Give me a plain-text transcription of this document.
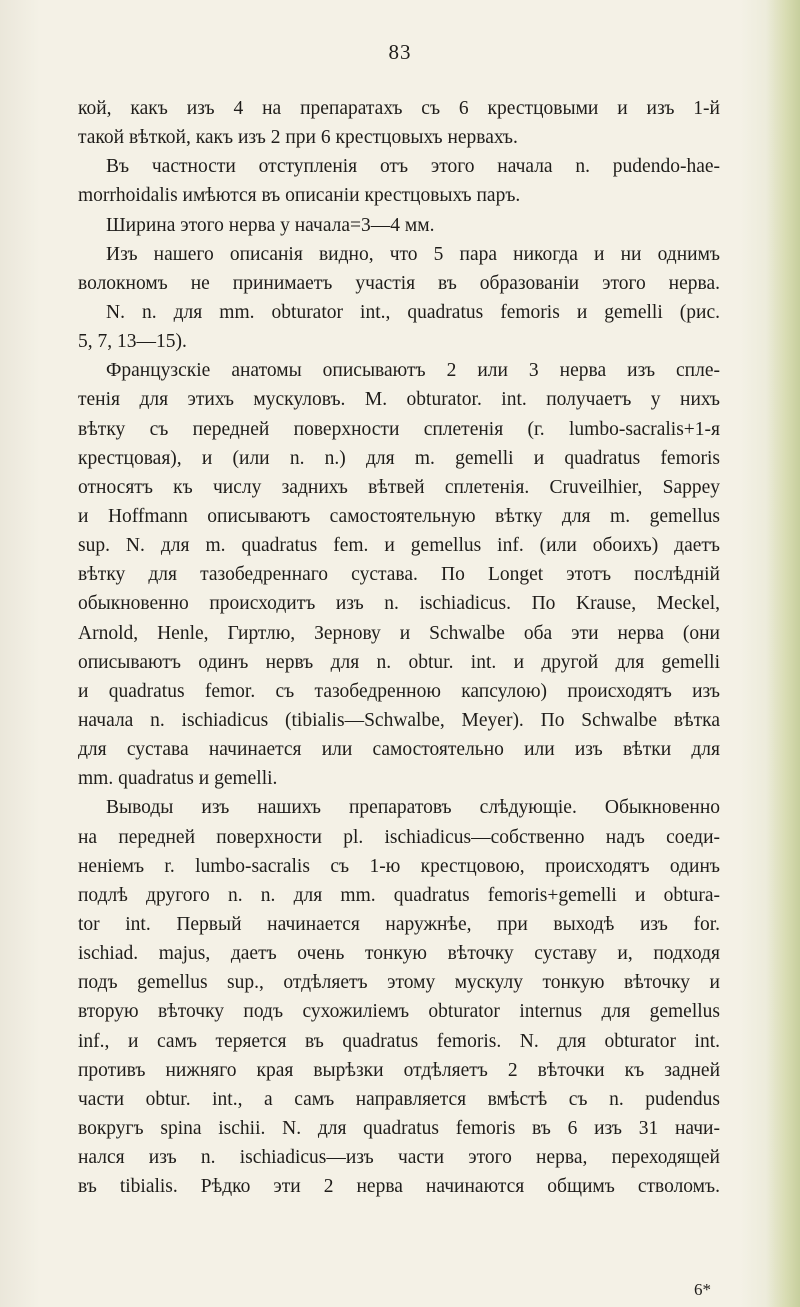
83
кой, какъ изъ 4 на препаратахъ съ 6 крестцовыми и изъ 1-й
такой вѣткой, какъ изъ 2 при 6 крестцовыхъ нервахъ.
Въ частности отступленія отъ этого начала n. pudendo-hae-
morrhoidalis имѣются въ описаніи крестцовыхъ паръ.
Ширина этого нерва у начала=3—4 мм.
Изъ нашего описанія видно, что 5 пара никогда и ни однимъ
волокномъ не принимаетъ участія въ образованіи этого нерва.
N. n. для mm. obturator int., quadratus femoris и gemelli (рис.
5, 7, 13—15).
Французскіе анатомы описываютъ 2 или 3 нерва изъ спле-
тенія для этихъ мускуловъ. М. obturator. int. получаетъ у нихъ
вѣтку съ передней поверхности сплетенія (г. lumbo-sacralis+1-я
крестцовая), и (или n. n.) для m. gemelli и quadratus femoris
относятъ къ числу заднихъ вѣтвей сплетенія. Cruveilhier, Sappey
и Hoffmann описываютъ самостоятельную вѣтку для m. gemellus
sup. N. для m. quadratus fem. и gemellus inf. (или обоихъ) даетъ
вѣтку для тазобедреннаго сустава. По Longet этотъ послѣдній
обыкновенно происходитъ изъ n. ischiadicus. По Krause, Meckel,
Arnold, Henle, Гиртлю, Зернову и Schwalbe оба эти нерва (они
описываютъ одинъ нервъ для n. obtur. int. и другой для gemelli
и quadratus femor. съ тазобедренною капсулою) происходятъ изъ
начала n. ischiadicus (tibialis—Schwalbe, Meyer). По Schwalbe вѣтка
для сустава начинается или самостоятельно или изъ вѣтки для
mm. quadratus и gemelli.
Выводы изъ нашихъ препаратовъ слѣдующіе. Обыкновенно
на передней поверхности pl. ischiadicus—собственно надъ соеди-
неніемъ r. lumbo-sacralis съ 1-ю крестцовою, происходятъ одинъ
подлѣ другого n. n. для mm. quadratus femoris+gemelli и obtura-
tor int. Первый начинается наружнѣе, при выходѣ изъ for.
ischiad. majus, даетъ очень тонкую вѣточку суставу и, подходя
подъ gemellus sup., отдѣляетъ этому мускулу тонкую вѣточку и
вторую вѣточку подъ сухожиліемъ obturator internus для gemellus
inf., и самъ теряется въ quadratus femoris. N. для obturator int.
противъ нижняго края вырѣзки отдѣляетъ 2 вѣточки къ задней
части obtur. int., а самъ направляется вмѣстѣ съ n. pudendus
вокругъ spina ischii. N. для quadratus femoris въ 6 изъ 31 начи-
нался изъ n. ischiadicus—изъ части этого нерва, переходящей
въ tibialis. Рѣдко эти 2 нерва начинаются общимъ стволомъ.
6*
